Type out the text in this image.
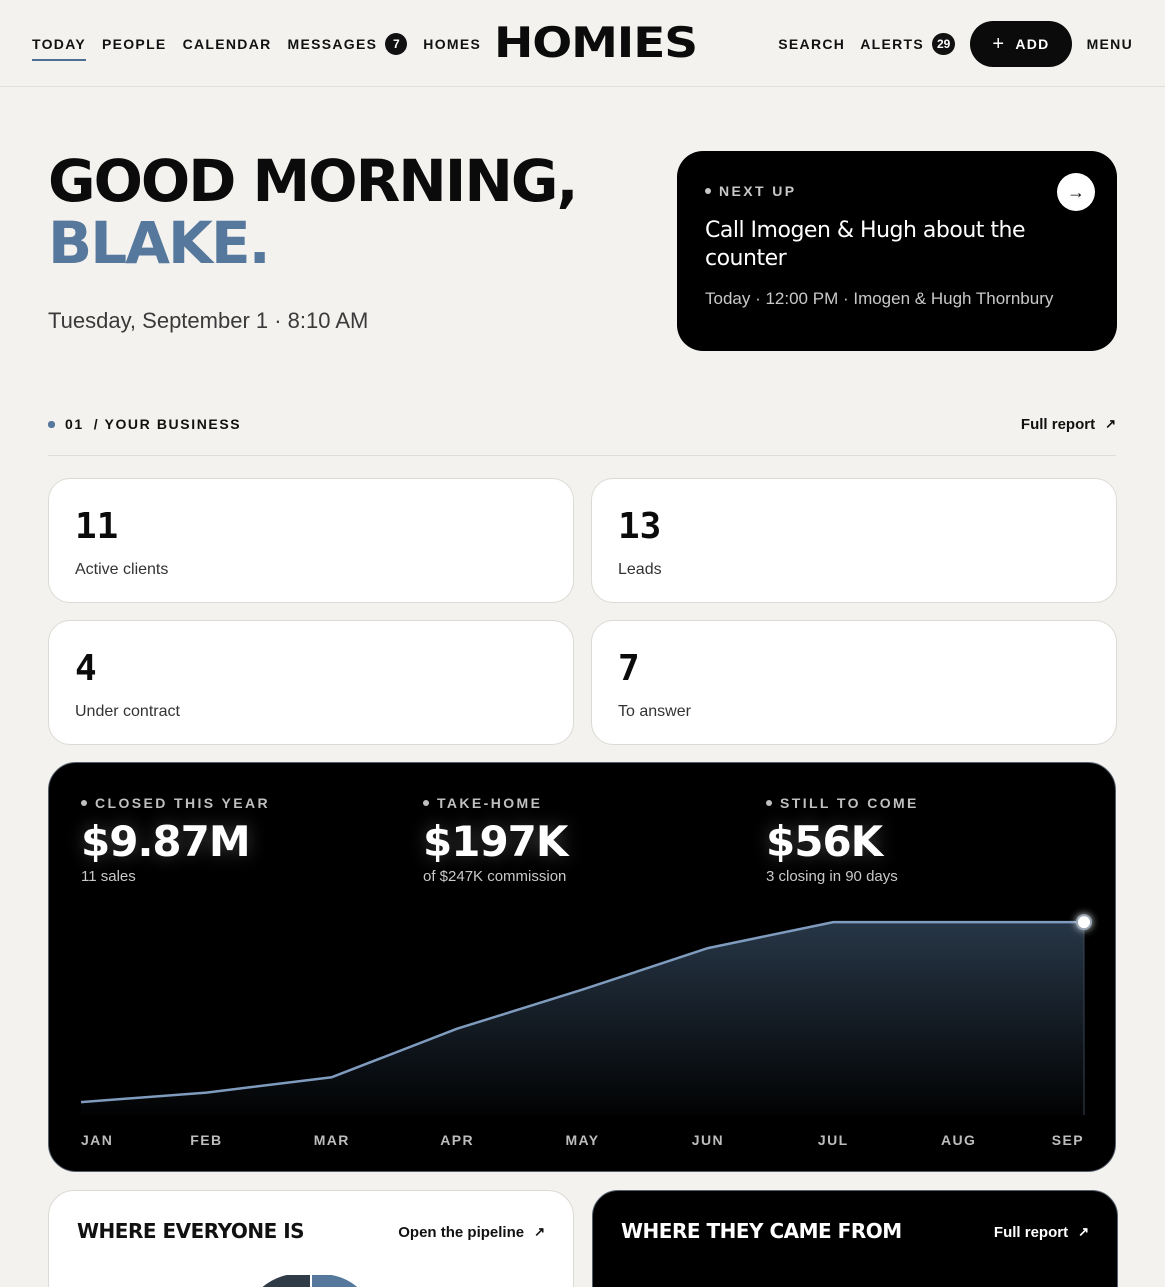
TODAY PEOPLE CALENDAR MESSAGES	7	HOMES HOMIES	SEARCH ALERTS	29 + ADD	MENU
GOOD MORNING,
BLAKE.
Tuesday, September 1 · 8:10 AM
NEXT UP
Call Imogen & Hugh about the counter
Today · 12:00 PM · Imogen & Hugh Thornbury
→
01 / YOUR BUSINESS	Full report ↗
11
Active clients
13
Leads
4
Under contract
7
To answer
JAN	FEB	MAR	APR	MAY	JUN	JUL	AUG	SEP
CLOSED THIS YEAR
$9.87M
11 sales
TAKE-HOME
$197K
of $247K commission
STILL TO COME
$56K
3 closing in 90 days
WHERE EVERYONE IS	Open the pipeline ↗	WHERE THEY CAME FROM	Full report ↗
